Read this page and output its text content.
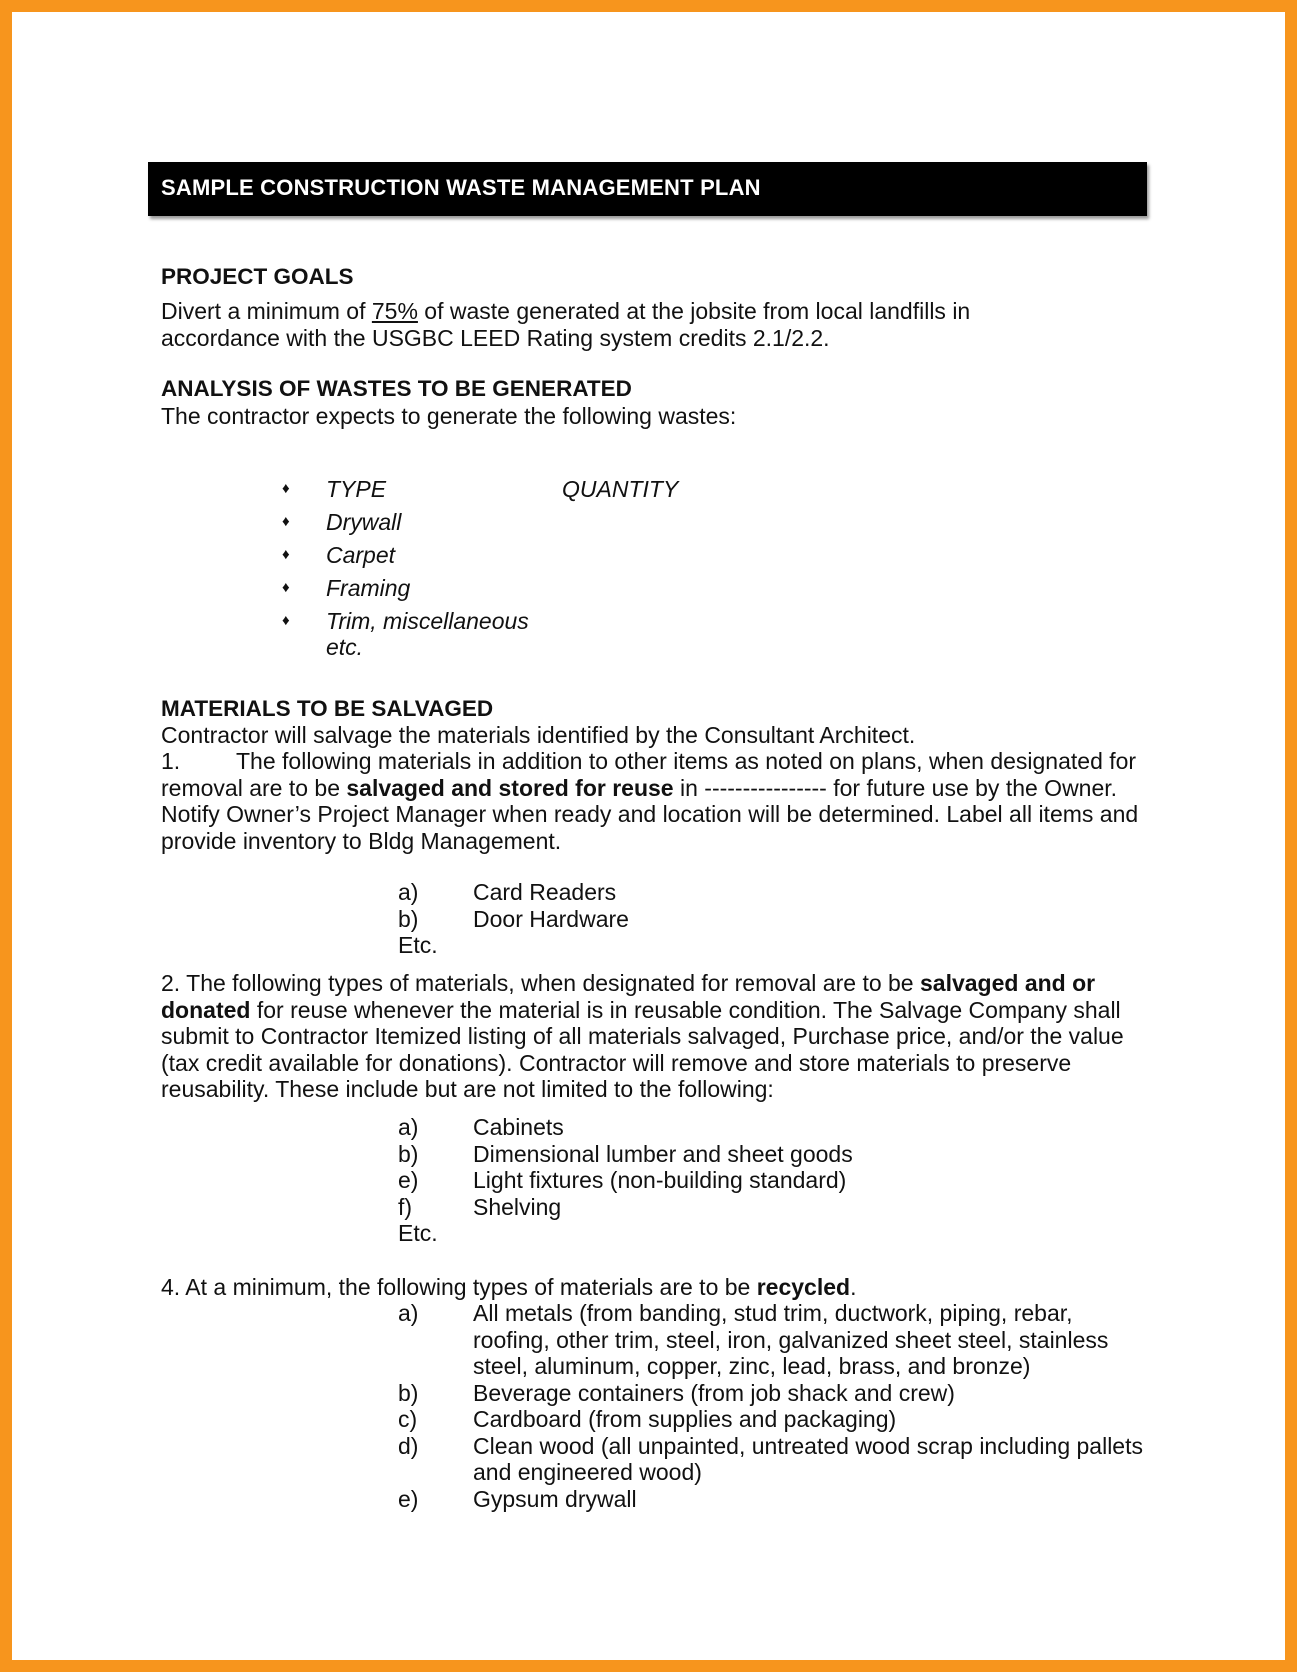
SAMPLE CONSTRUCTION WASTE MANAGEMENT PLAN
PROJECT GOALS
Divert a minimum of 75% of waste generated at the jobsite from local landfills in accordance with the USGBC LEED Rating system credits 2.1/2.2.
ANALYSIS OF WASTES TO BE GENERATED
The contractor expects to generate the following wastes:
♦ TYPE	QUANTITY
♦ Drywall
♦ Carpet
♦ Framing
♦ Trim, miscellaneous
etc.
MATERIALS TO BE SALVAGED
Contractor will salvage the materials identified by the Consultant Architect.
1. The following materials in addition to other items as noted on plans, when designated for removal are to be salvaged and stored for reuse in ---------------- for future use by the Owner. Notify Owner’s Project Manager when ready and location will be determined. Label all items and provide inventory to Bldg Management.
a) Card Readers
b) Door Hardware
Etc.
2. The following types of materials, when designated for removal are to be salvaged and or donated for reuse whenever the material is in reusable condition. The Salvage Company shall submit to Contractor Itemized listing of all materials salvaged, Purchase price, and/or the value (tax credit available for donations). Contractor will remove and store materials to preserve reusability. These include but are not limited to the following:
a) Cabinets
b) Dimensional lumber and sheet goods
e) Light fixtures (non-building standard)
f)	Shelving
Etc.
4. At a minimum, the following types of materials are to be recycled.
a) All metals (from banding, stud trim, ductwork, piping, rebar, roofing, other trim, steel, iron, galvanized sheet steel, stainless steel, aluminum, copper, zinc, lead, brass, and bronze)
b) Beverage containers (from job shack and crew)
c) Cardboard (from supplies and packaging)
d) Clean wood (all unpainted, untreated wood scrap including pallets and engineered wood)
e) Gypsum drywall
